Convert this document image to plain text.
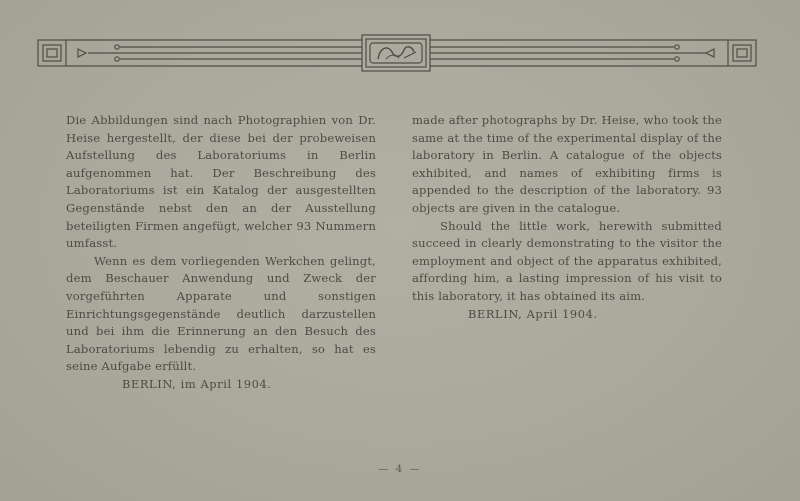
Die Abbildungen sind nach Photographien von Dr. Heise hergestellt, der diese bei der probeweisen Aufstellung des Laboratoriums in Berlin aufgenommen hat. Der Beschreibung des Laboratoriums ist ein Katalog der ausgestellten Gegenstände nebst den an der Ausstellung beteiligten Firmen angefügt, welcher 93 Nummern umfasst.

Wenn es dem vorliegenden Werkchen gelingt, dem Beschauer Anwendung und Zweck der vorgeführten Apparate und sonstigen Einrichtungsgegenstände deutlich darzustellen und bei ihm die Erinnerung an den Besuch des Laboratoriums lebendig zu erhalten, so hat es seine Aufgabe erfüllt.

BERLIN, im April 1904.

made after photographs by Dr. Heise, who took the same at the time of the experimental display of the laboratory in Berlin. A catalogue of the objects exhibited, and names of exhibiting firms is appended to the description of the laboratory. 93 objects are given in the catalogue.

Should the little work, herewith submitted succeed in clearly demonstrating to the visitor the employment and object of the apparatus exhibited, affording him, a lasting impression of his visit to this laboratory, it has obtained its aim.

BERLIN, April 1904.

— 4 —
